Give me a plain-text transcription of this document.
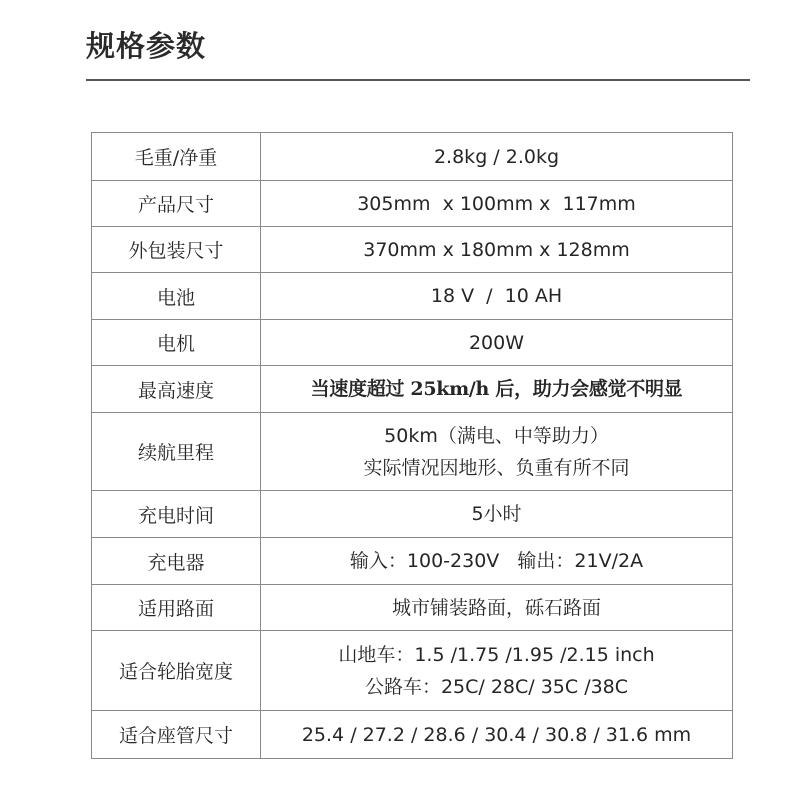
规格参数
毛重/净重	2.8kg / 2.0kg

产品尺寸	305mm  x 100mm x  117mm

外包装尺寸	370mm x 180mm x 128mm

电池	18 V  /  10 AH

电机	200W

最高速度	当速度超过 25km/h 后，助力会感觉不明显

续航里程	50km（满电、中等助力）
实际情况因地形、负重有所不同

充电时间	5小时

充电器	输入：100-230V   输出：21V/2A

适用路面	城市铺装路面，砾石路面

适合轮胎宽度	山地车：1.5 /1.75 /1.95 /2.15 inch
公路车：25C/ 28C/ 35C /38C

适合座管尺寸	25.4 / 27.2 / 28.6 / 30.4 / 30.8 / 31.6 mm
